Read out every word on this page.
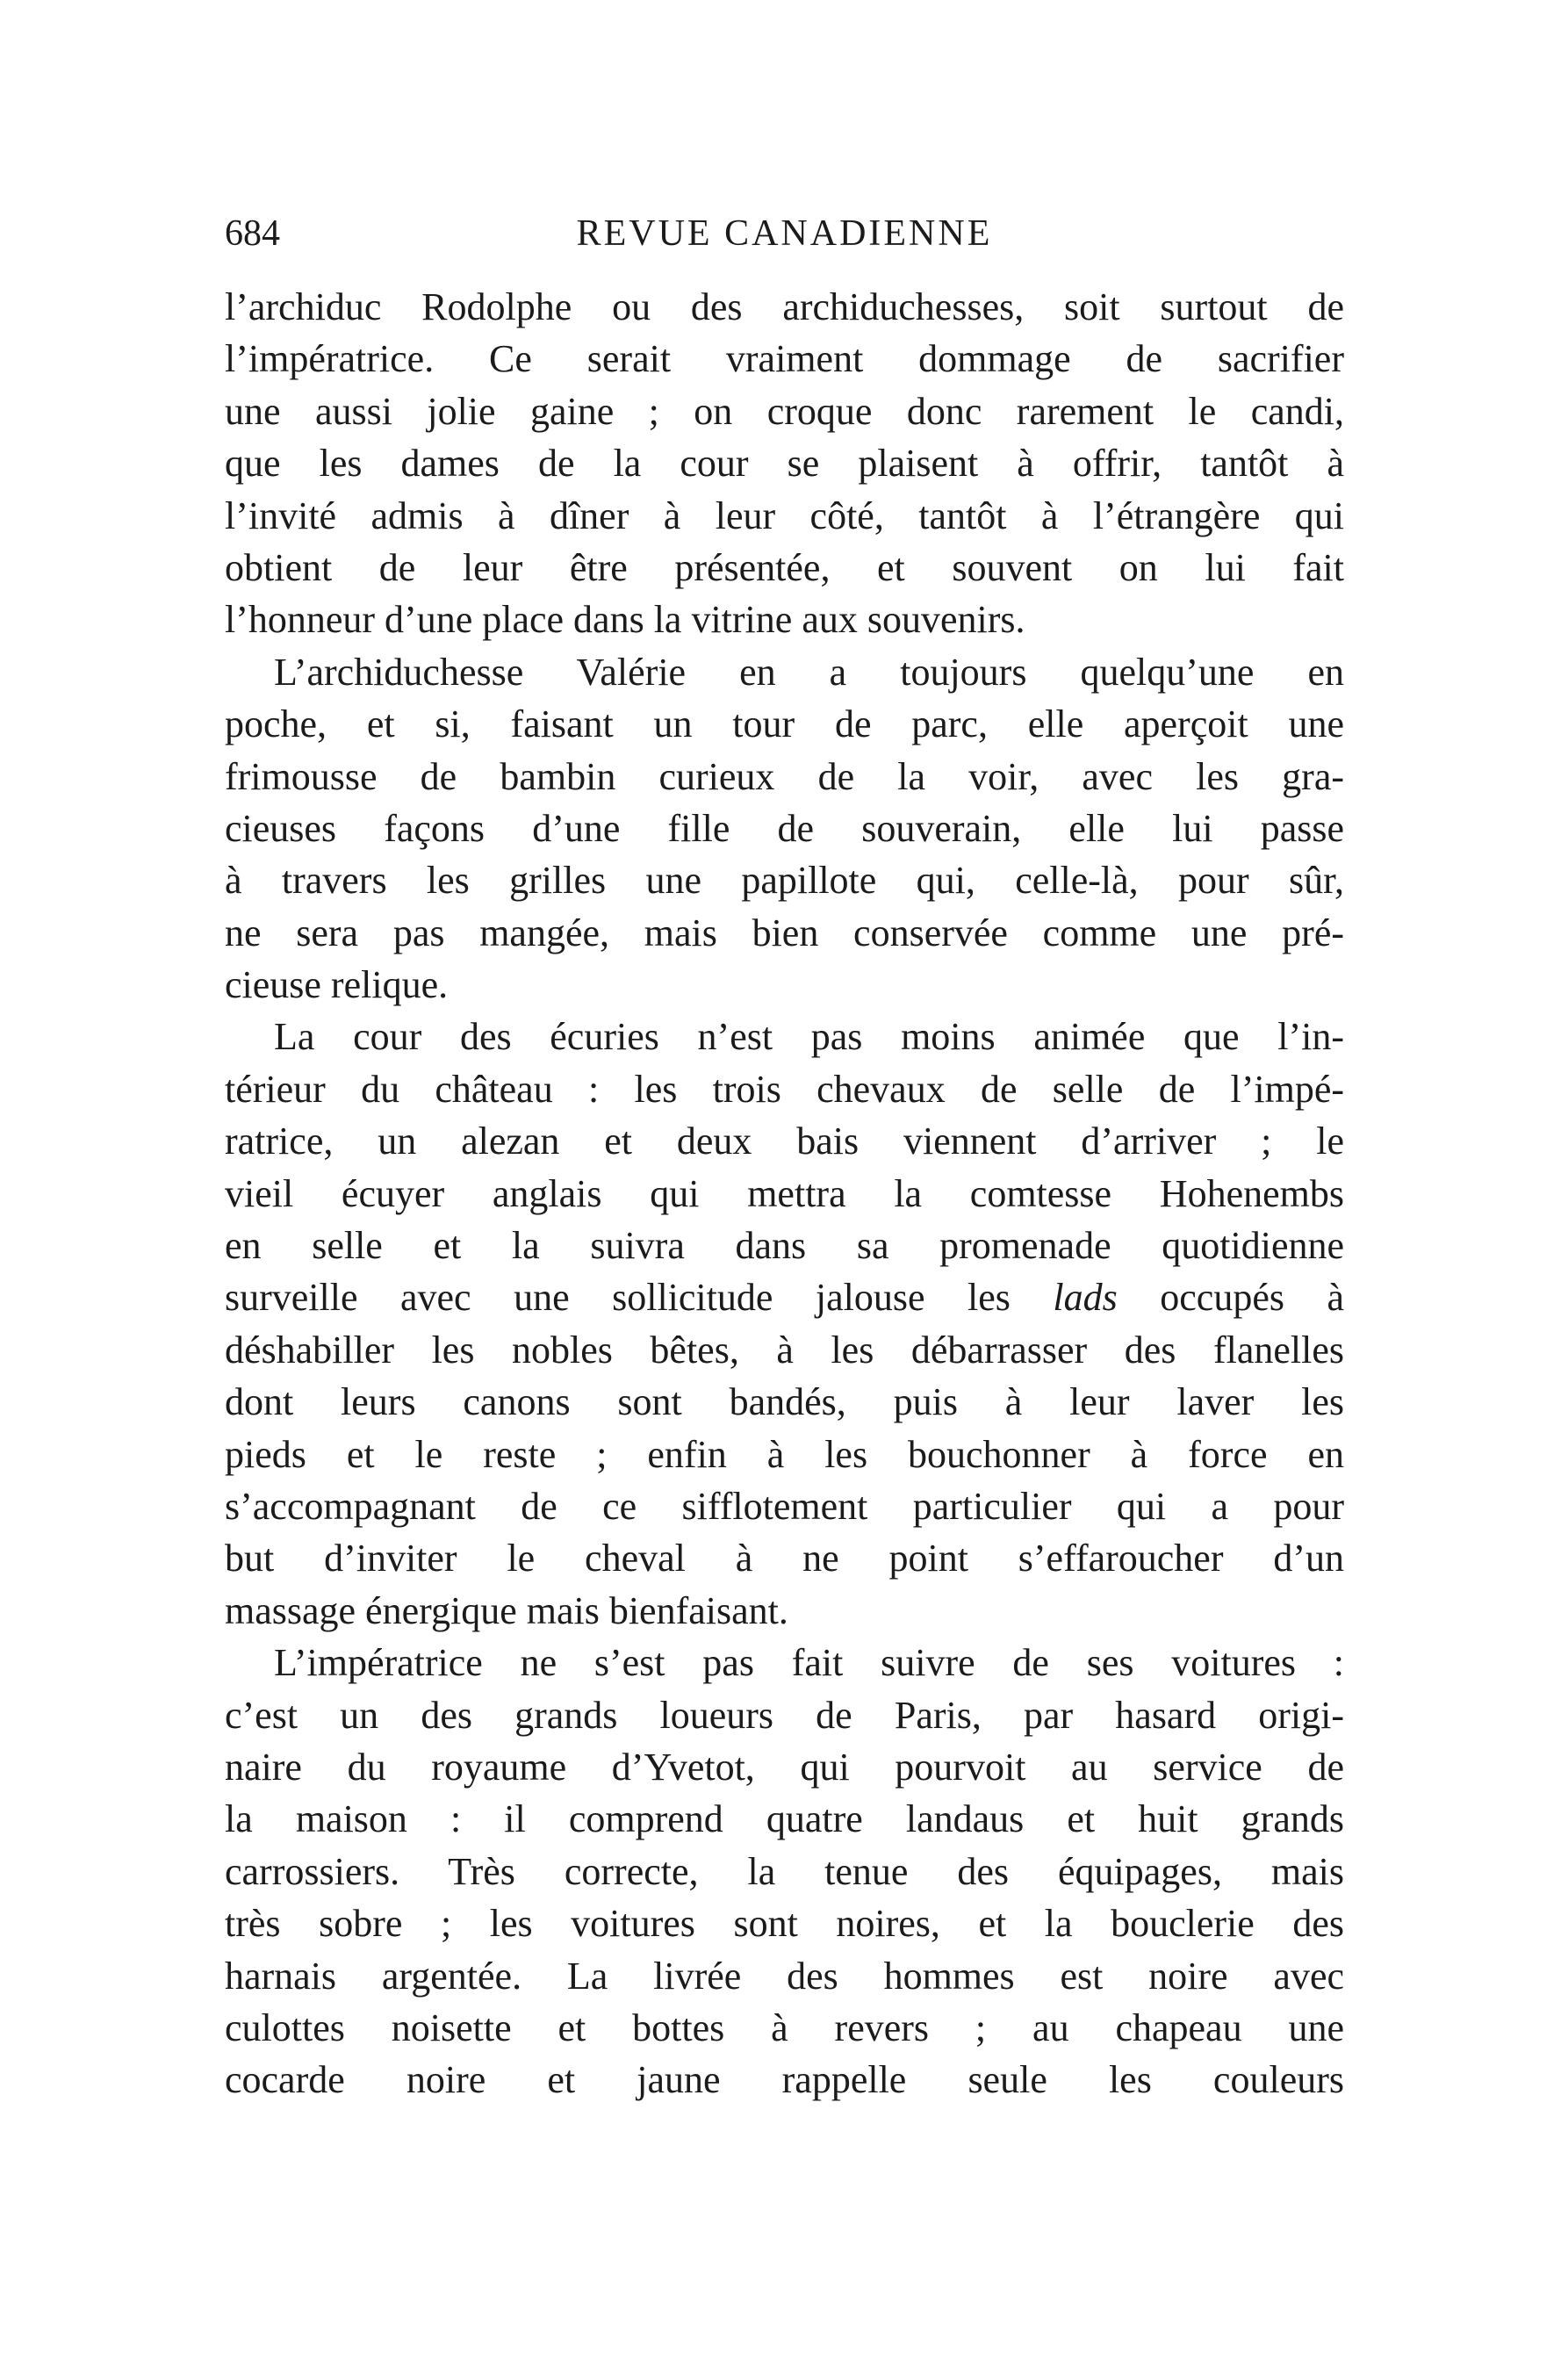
684	REVUE CANADIENNE
l’archiduc Rodolphe ou des archiduchesses, soit surtout de
l’impératrice. Ce serait vraiment dommage de sacrifier
une aussi jolie gaine ; on croque donc rarement le candi,
que les dames de la cour se plaisent à offrir, tantôt à
l’invité admis à dîner à leur côté, tantôt à l’étrangère qui
obtient de leur être présentée, et souvent on lui fait
l’honneur d’une place dans la vitrine aux souvenirs.
L’archiduchesse Valérie en a toujours quelqu’une en
poche, et si, faisant un tour de parc, elle aperçoit une
frimousse de bambin curieux de la voir, avec les gra-
cieuses façons d’une fille de souverain, elle lui passe
à travers les grilles une papillote qui, celle-là, pour sûr,
ne sera pas mangée, mais bien conservée comme une pré-
cieuse relique.
La cour des écuries n’est pas moins animée que l’in-
térieur du château : les trois chevaux de selle de l’impé-
ratrice, un alezan et deux bais viennent d’arriver ; le
vieil écuyer anglais qui mettra la comtesse Hohenembs
en selle et la suivra dans sa promenade quotidienne
surveille avec une sollicitude jalouse les lads occupés à
déshabiller les nobles bêtes, à les débarrasser des flanelles
dont leurs canons sont bandés, puis à leur laver les
pieds et le reste ; enfin à les bouchonner à force en
s’accompagnant de ce sifflotement particulier qui a pour
but d’inviter le cheval à ne point s’effaroucher d’un
massage énergique mais bienfaisant.
L’impératrice ne s’est pas fait suivre de ses voitures :
c’est un des grands loueurs de Paris, par hasard origi-
naire du royaume d’Yvetot, qui pourvoit au service de
la maison : il comprend quatre landaus et huit grands
carrossiers. Très correcte, la tenue des équipages, mais
très sobre ; les voitures sont noires, et la bouclerie des
harnais argentée. La livrée des hommes est noire avec
culottes noisette et bottes à revers ; au chapeau une
cocarde noire et jaune rappelle seule les couleurs
